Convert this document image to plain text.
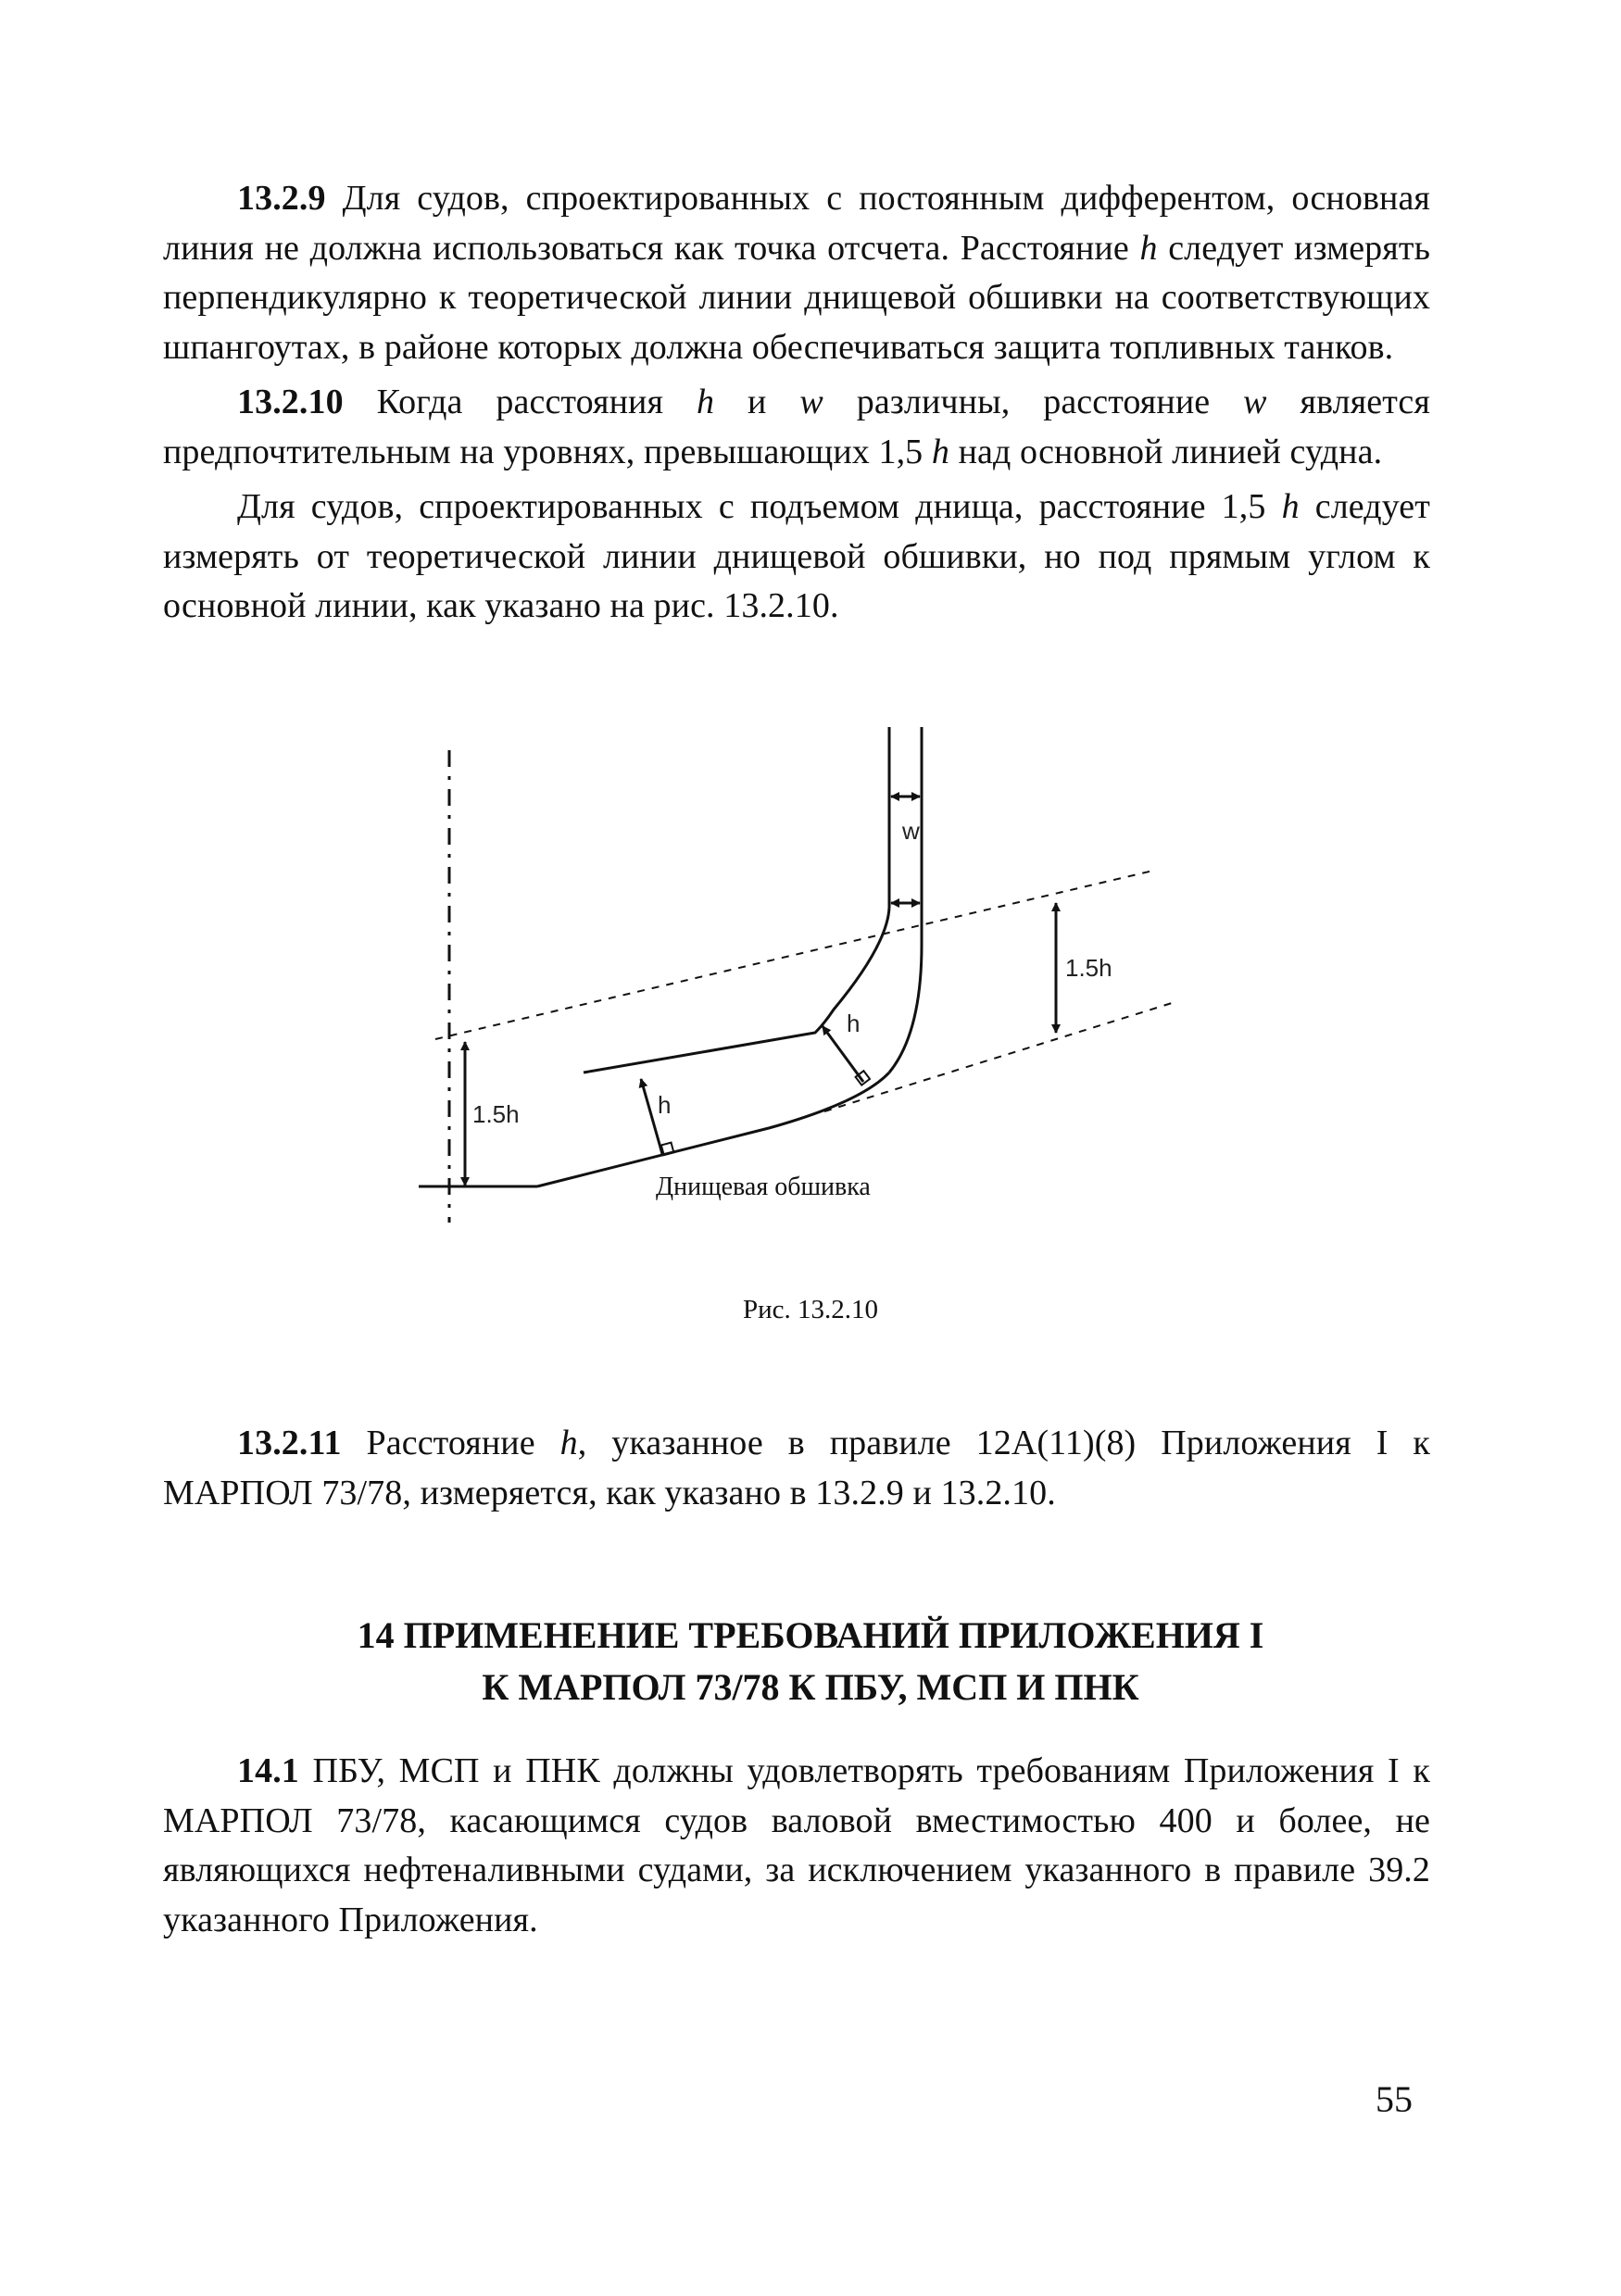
13.2.9 Для судов, спроектированных с постоянным дифферентом, основная линия не должна использоваться как точка отсчета. Расстояние h следует измерять перпендикулярно к теоретической линии днищевой обшивки на соответствующих шпангоутах, в районе которых должна обеспечиваться защита топливных танков.

13.2.10 Когда расстояния h и w различны, расстояние w является предпочтительным на уровнях, превышающих 1,5 h над основной линией судна.

Для судов, спроектированных с подъемом днища, расстояние 1,5 h следует измерять от теоретической линии днищевой обшивки, но под прямым углом к основной линии, как указано на рис. 13.2.10.

w
1.5h
1.5h
h
h
Днищевая обшивка
Рис. 13.2.10

13.2.11 Расстояние h, указанное в правиле 12A(11)(8) Приложения I к МАРПОЛ 73/78, измеряется, как указано в 13.2.9 и 13.2.10.

14 ПРИМЕНЕНИЕ ТРЕБОВАНИЙ ПРИЛОЖЕНИЯ I
К МАРПОЛ 73/78 К ПБУ, МСП И ПНК

14.1 ПБУ, МСП и ПНК должны удовлетворять требованиям Приложения I к МАРПОЛ 73/78, касающимся судов валовой вместимостью 400 и более, не являющихся нефтеналивными судами, за исключением указанного в правиле 39.2 указанного Приложения.

55
